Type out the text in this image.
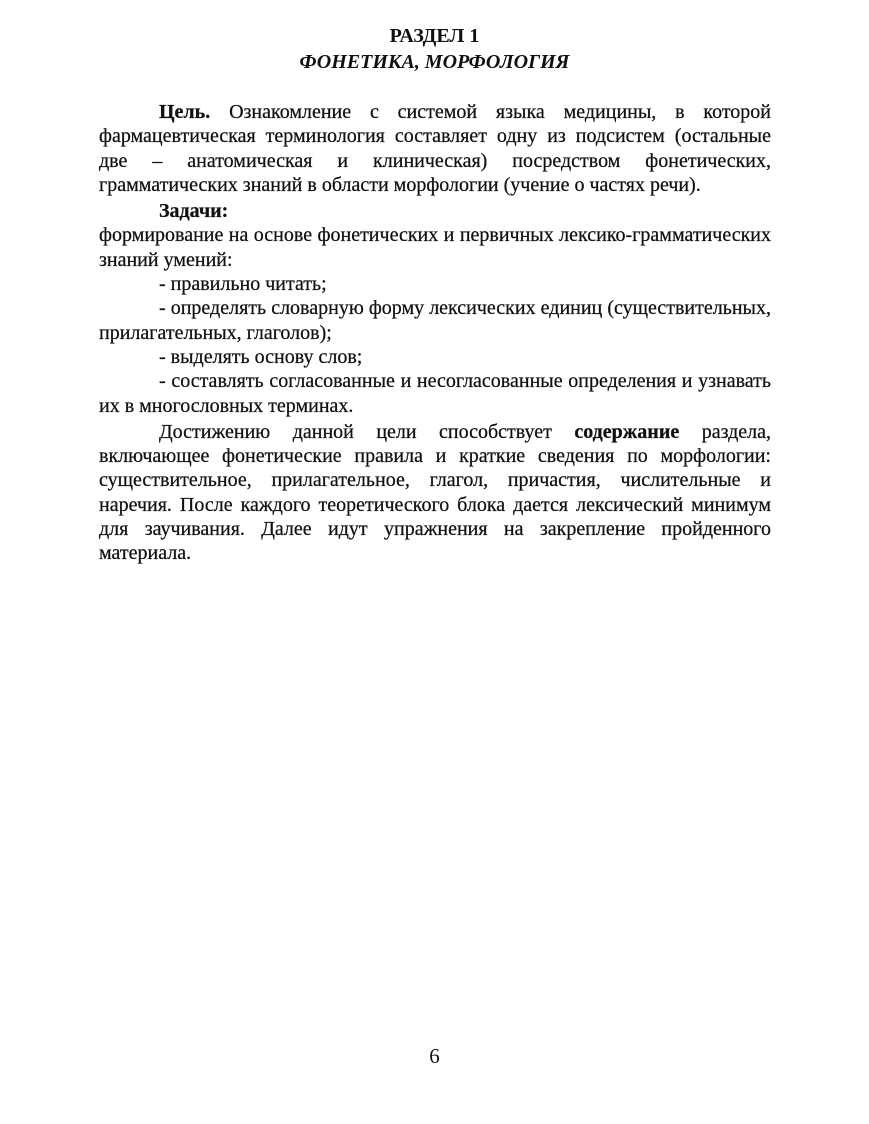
РАЗДЕЛ 1
ФОНЕТИКА, МОРФОЛОГИЯ

Цель. Ознакомление с системой языка медицины, в которой фармацевтическая терминология составляет одну из подсистем (остальные две – анатомическая и клиническая) посредством фонетических, грамматических знаний в области морфологии (учение о частях речи).

Задачи:

формирование на основе фонетических и первичных лексико-грамматических знаний умений:

- правильно читать;

- определять словарную форму лексических единиц (существительных, прилагательных, глаголов);

- выделять основу слов;

- составлять согласованные и несогласованные определения и узнавать их в многословных терминах.

Достижению данной цели способствует содержание раздела, включающее фонетические правила и краткие сведения по морфологии: существительное, прилагательное, глагол, причастия, числительные и наречия. После каждого теоретического блока дается лексический минимум для заучивания. Далее идут упражнения на закрепление пройденного материала.

6
